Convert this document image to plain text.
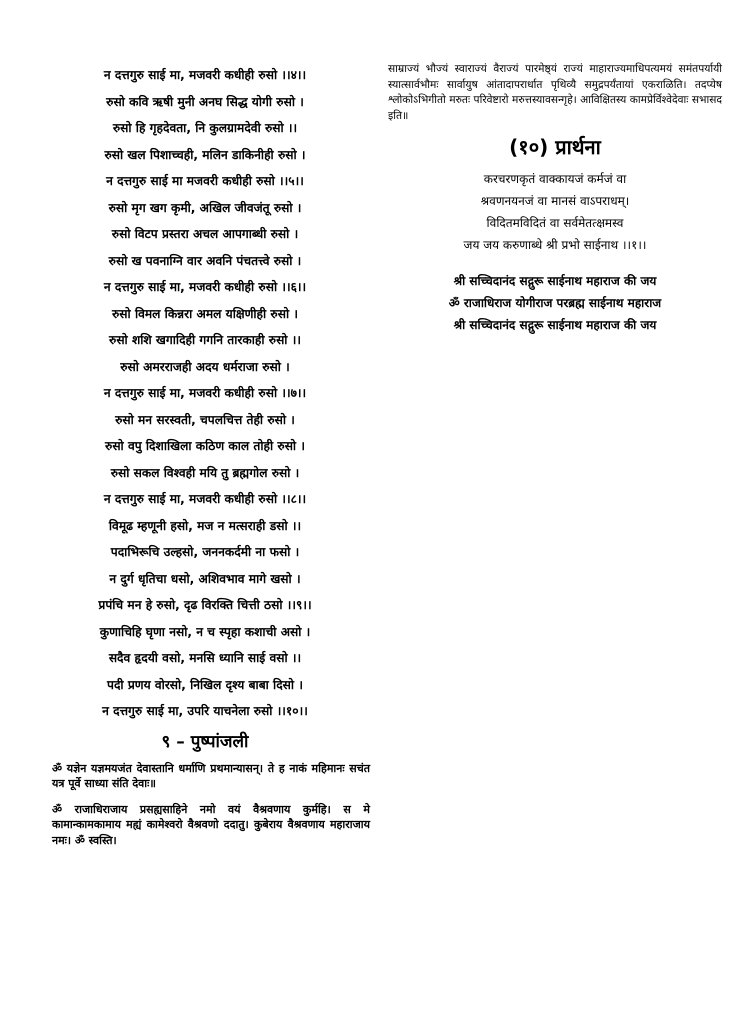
न दत्तगुरु साई मा, मजवरी कधीही रुसो ।।४।।
रुसो कवि ऋषी मुनी अनघ सिद्ध योगी रुसो ।
रुसो हि गृहदेवता, नि कुलग्रामदेवी रुसो ।।
रुसो खल पिशाच्चही, मलिन डाकिनीही रुसो ।
न दत्तगुरु साई मा मजवरी कधीही रुसो ।।५।।
रुसो मृग खग कृमी, अखिल जीवजंतू रुसो ।
रुसो विटप प्रस्तरा अचल आपगाब्धी रुसो ।
रुसो ख पवनाग्नि वार अवनि पंचतत्त्वे रुसो ।
न दत्तगुरु साई मा, मजवरी कधीही रुसो ।।६।।
रुसो विमल किन्नरा अमल यक्षिणीही रुसो ।
रुसो शशि खगादिही गगनि तारकाही रुसो ।।
रुसो अमरराजही अदय धर्मराजा रुसो ।
न दत्तगुरु साई मा, मजवरी कधीही रुसो ।।७।।
रुसो मन सरस्वती, चपलचित्त तेही रुसो ।
रुसो वपु दिशाखिला कठिण काल तोही रुसो ।
रुसो सकल विश्वही मयि तु ब्रह्मगोल रुसो ।
न दत्तगुरु साई मा, मजवरी कधीही रुसो ।।८।।
विमूढ म्हणूनी हसो, मज न मत्सराही डसो ।।
पदाभिरूचि उल्हसो, जननकर्दमी ना फसो ।
न दुर्ग धृतिचा धसो, अशिवभाव मागे खसो ।
प्रपंचि मन हे रुसो, दृढ विरक्ति चित्ती ठसो ।।९।।
कुणाचिहि घृणा नसो, न च स्पृहा कशाची असो ।
सदैव हृदयी वसो, मनसि ध्यानि साई वसो ।।
पदी प्रणय वोरसो, निखिल दृश्य बाबा दिसो ।
न दत्तगुरु साई मा, उपरि याचनेला रुसो ।।१०।।
९ – पुष्पांजली

ॐ यज्ञेन यज्ञमयजंत देवास्तानि धर्माणि प्रथमान्यासन्। ते ह नाकं महिमानः सचंत यत्र पूर्वे साध्या संति देवाः॥

ॐ राजाधिराजाय प्रसह्यसाहिने नमो वयं वैश्रवणाय कुर्महि। स मे कामान्कामकामाय मह्यं कामेश्वरो वैश्रवणो ददातु। कुबेराय वैश्रवणाय महाराजाय नमः। ॐ स्वस्ति।

साम्राज्यं भौज्यं स्वाराज्यं वैराज्यं पारमेष्ठ्यं राज्यं माहाराज्यमाधिपत्यमयं समंतपर्यायी स्यात्सार्वभौमः सार्वायुष आंतादापरार्धात पृथिव्यै समुद्रपर्यंतायां एकराळिति। तदप्येष श्लोकोऽभिगीतो मरुतः परिवेष्टारो मरुत्तस्यावसन्गृहे। आविक्षितस्य कामप्रेर्विश्वेदेवाः सभासद इति॥

(१०) प्रार्थना
करचरणकृतं वाक्कायजं कर्मजं वा
श्रवणनयनजं वा मानसं वाऽपराधम्।
विदितमविदितं वा सर्वमेतत्क्षमस्व
जय जय करुणाब्धे श्री प्रभो साईनाथ ।।१।।
श्री सच्चिदानंद सद्गुरू साईनाथ महाराज की जय
ॐ राजाधिराज योगीराज परब्रह्म साईनाथ महाराज
श्री सच्चिदानंद सद्गुरू साईनाथ महाराज की जय
